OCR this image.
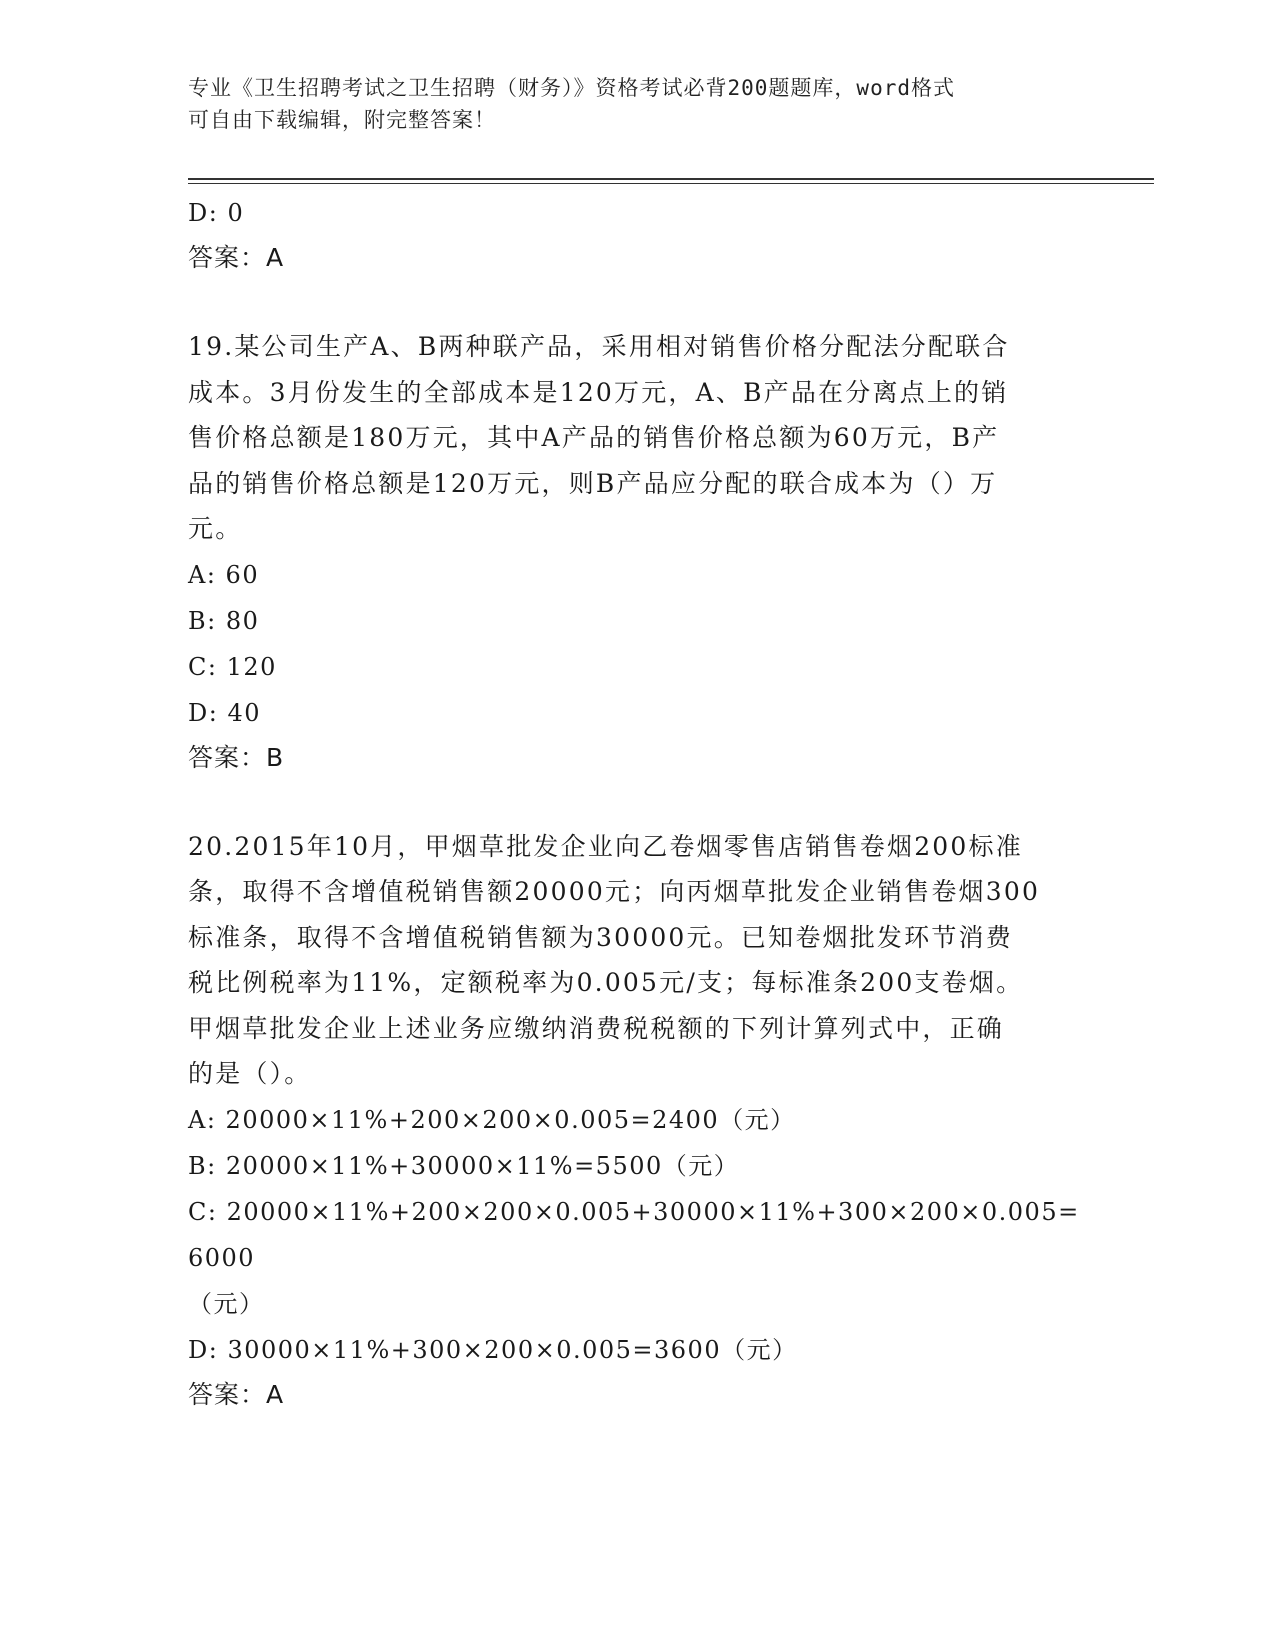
专业《卫生招聘考试之卫生招聘（财务）》资格考试必背200题题库，word格式
可自由下载编辑，附完整答案！
D: 0
答案：A
19.某公司生产A、B两种联产品，采用相对销售价格分配法分配联合
成本。3月份发生的全部成本是120万元，A、B产品在分离点上的销
售价格总额是180万元，其中A产品的销售价格总额为60万元，B产
品的销售价格总额是120万元，则B产品应分配的联合成本为（）万
元。
A: 60
B: 80
C: 120
D: 40
答案：B
20.2015年10月，甲烟草批发企业向乙卷烟零售店销售卷烟200标准
条，取得不含增值税销售额20000元；向丙烟草批发企业销售卷烟300
标准条，取得不含增值税销售额为30000元。已知卷烟批发环节消费
税比例税率为11%，定额税率为0.005元/支；每标准条200支卷烟。
甲烟草批发企业上述业务应缴纳消费税税额的下列计算列式中，正确
的是（）。
A: 20000×11%+200×200×0.005=2400（元）
B: 20000×11%+30000×11%=5500（元）
C: 20000×11%+200×200×0.005+30000×11%+300×200×0.005=6000
（元）
D: 30000×11%+300×200×0.005=3600（元）
答案：A
